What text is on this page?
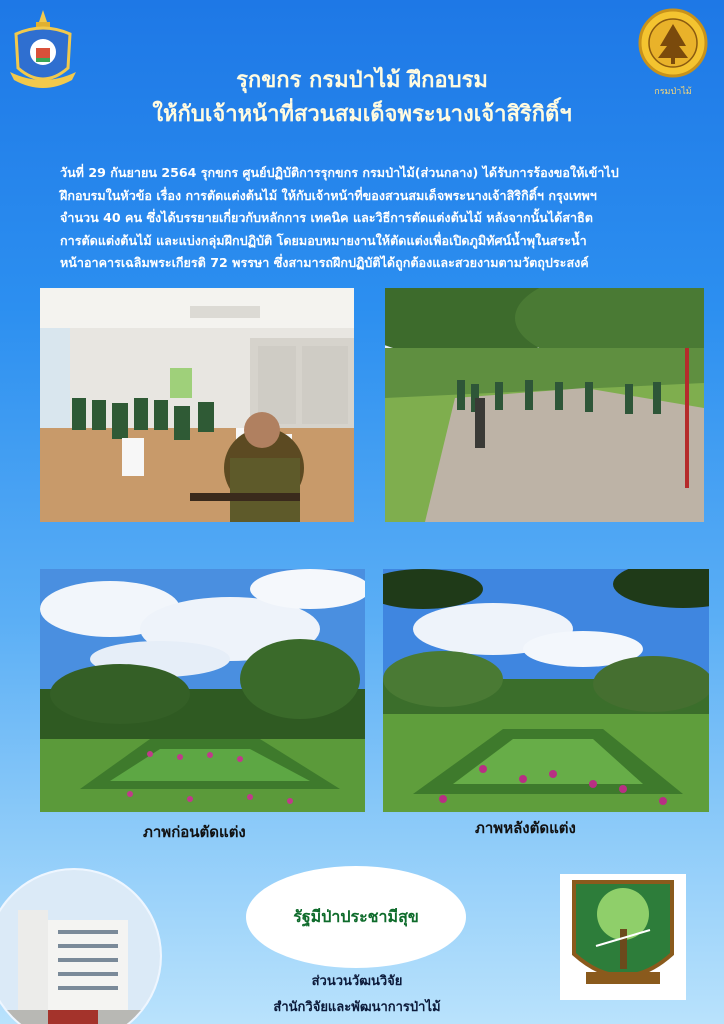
กรมป่าไม้
รุกขกร กรมป่าไม้ ฝึกอบรม
ให้กับเจ้าหน้าที่สวนสมเด็จพระนางเจ้าสิริกิติ์ฯ
วันที่ 29 กันยายน 2564 รุกขกร ศูนย์ปฏิบัติการรุกขกร กรมป่าไม้(ส่วนกลาง) ได้รับการร้องขอให้เข้าไป
ฝึกอบรมในหัวข้อ เรื่อง การตัดแต่งต้นไม้ ให้กับเจ้าหน้าที่ของสวนสมเด็จพระนางเจ้าสิริกิติ์ฯ กรุงเทพฯ
จำนวน 40 คน ซึ่งได้บรรยายเกี่ยวกับหลักการ เทคนิค และวิธีการตัดแต่งต้นไม้ หลังจากนั้นได้สาธิต
การตัดแต่งต้นไม้ และแบ่งกลุ่มฝึกปฏิบัติ โดยมอบหมายงานให้ตัดแต่งเพื่อเปิดภูมิทัศน์น้ำพุในสระน้ำ
หน้าอาคารเฉลิมพระเกียรติ 72 พรรษา ซึ่งสามารถฝึกปฏิบัติได้ถูกต้องและสวยงามตามวัตถุประสงค์
ภาพก่อนตัดแต่ง	ภาพหลังตัดแต่ง
รัฐมีป่าประชามีสุข
ส่วนวนวัฒนวิจัย
สำนักวิจัยและพัฒนาการป่าไม้
